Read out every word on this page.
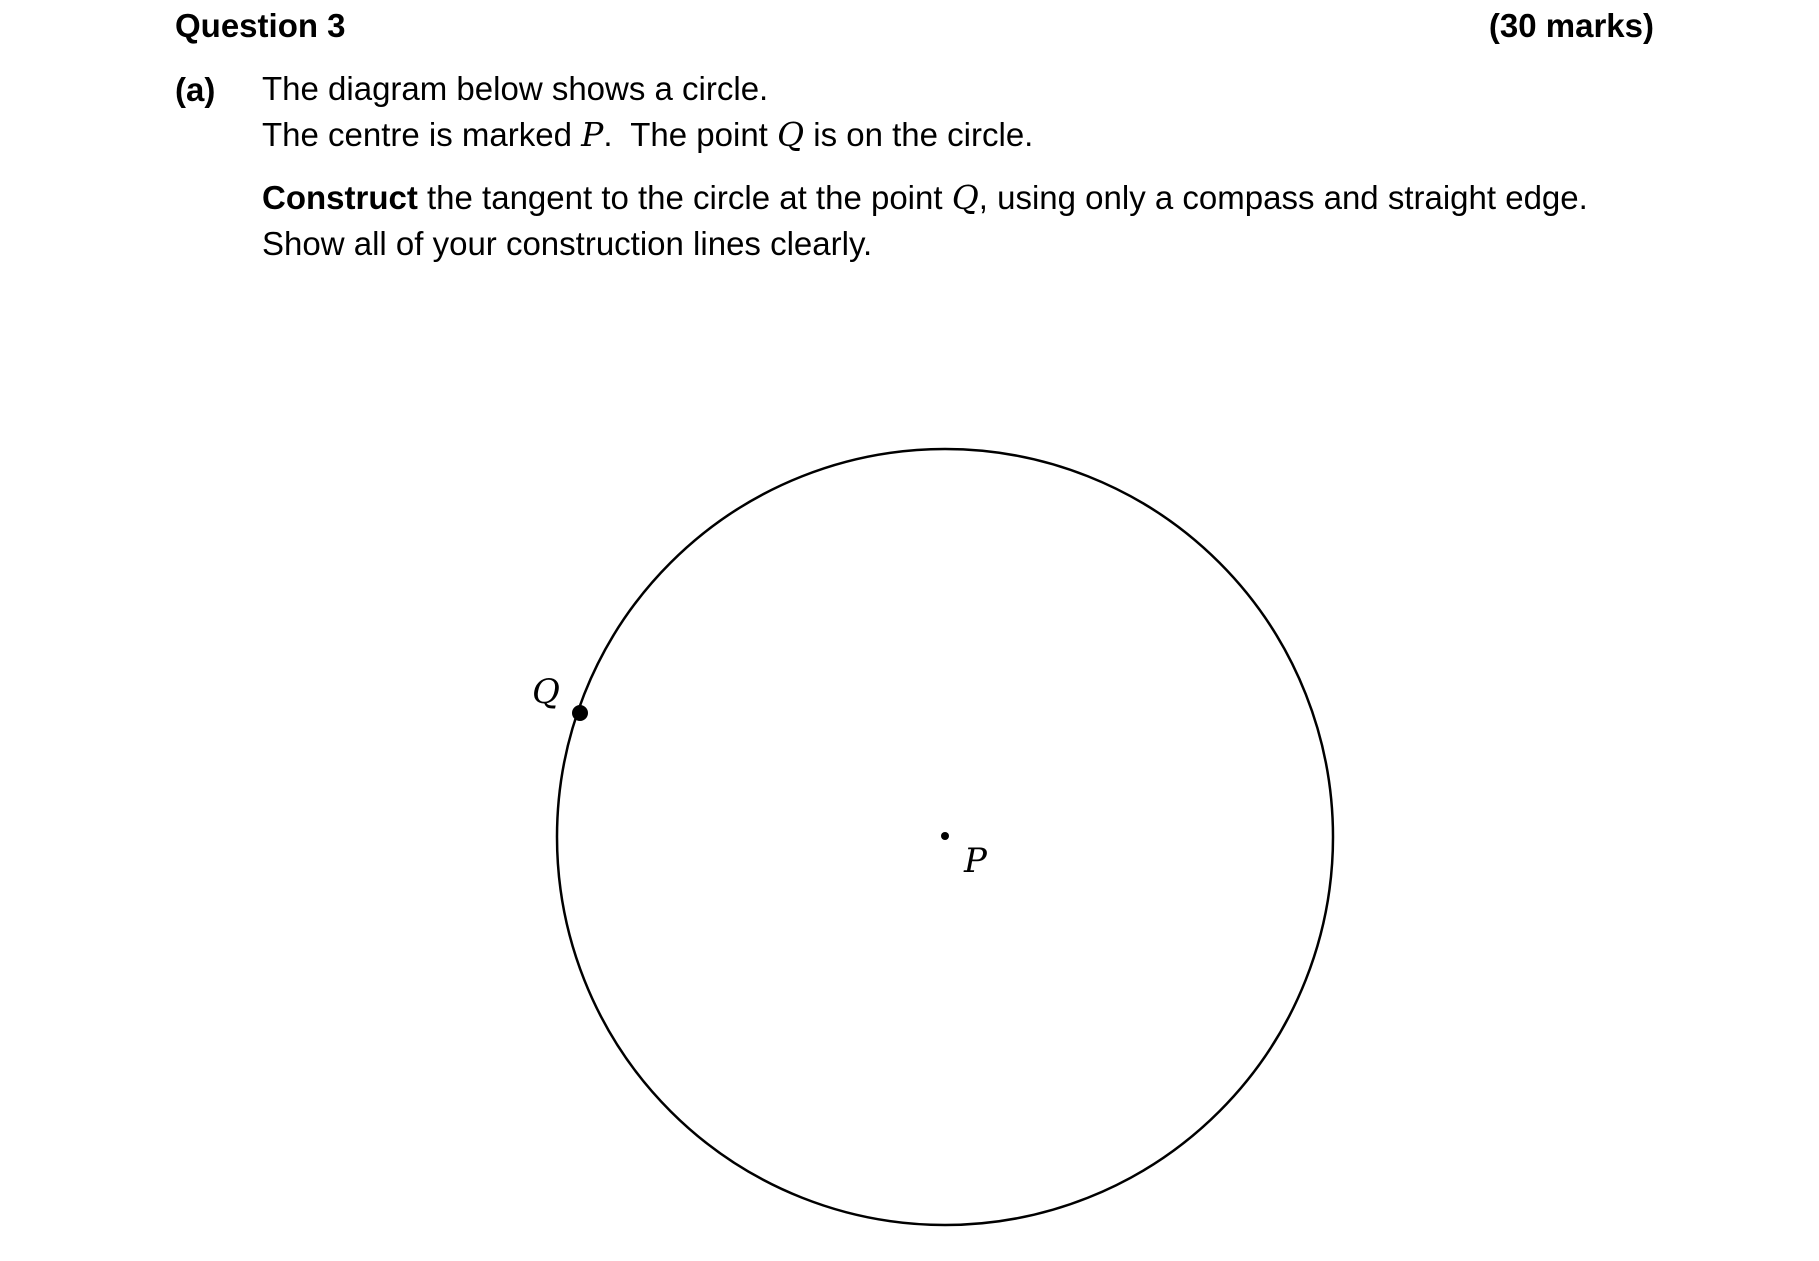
Question 3	(30 marks)
(a) The diagram below shows a circle.
The centre is marked P.  The point Q is on the circle.
Construct the tangent to the circle at the point Q, using only a compass and straight edge.
Show all of your construction lines clearly.
Q
P
